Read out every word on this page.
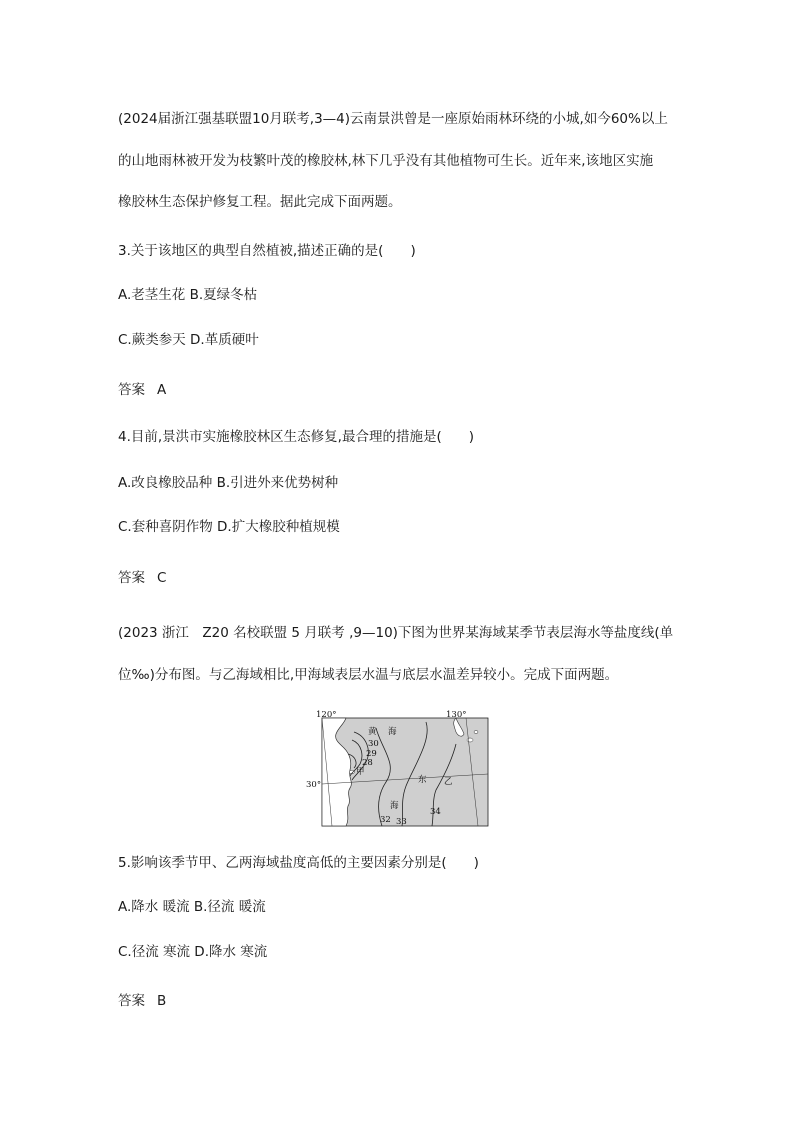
(2024届浙江强基联盟10月联考,3—4)云南景洪曾是一座原始雨林环绕的小城,如今60%以上
的山地雨林被开发为枝繁叶茂的橡胶林,林下几乎没有其他植物可生长。近年来,该地区实施
橡胶林生态保护修复工程。据此完成下面两题。
3.关于该地区的典型自然植被,描述正确的是(　　)
A.老茎生花 B.夏绿冬枯
C.蕨类参天 D.革质硬叶
答案 A
4.目前,景洪市实施橡胶林区生态修复,最合理的措施是(　　)
A.改良橡胶品种 B.引进外来优势树种
C.套种喜阴作物 D.扩大橡胶种植规模
答案 C
(2023 浙江　Z20 名校联盟 5 月联考 ,9—10)下图为世界某海域某季节表层海水等盐度线(单
位‰)分布图。与乙海域相比,甲海域表层水温与底层水温差异较小。完成下面两题。
120°	130°
30°
黄 海
东
海
甲
乙
30
29
28
32 33
34
5.影响该季节甲、乙两海域盐度高低的主要因素分别是(　　)
A.降水 暖流 B.径流 暖流
C.径流 寒流 D.降水 寒流
答案 B
